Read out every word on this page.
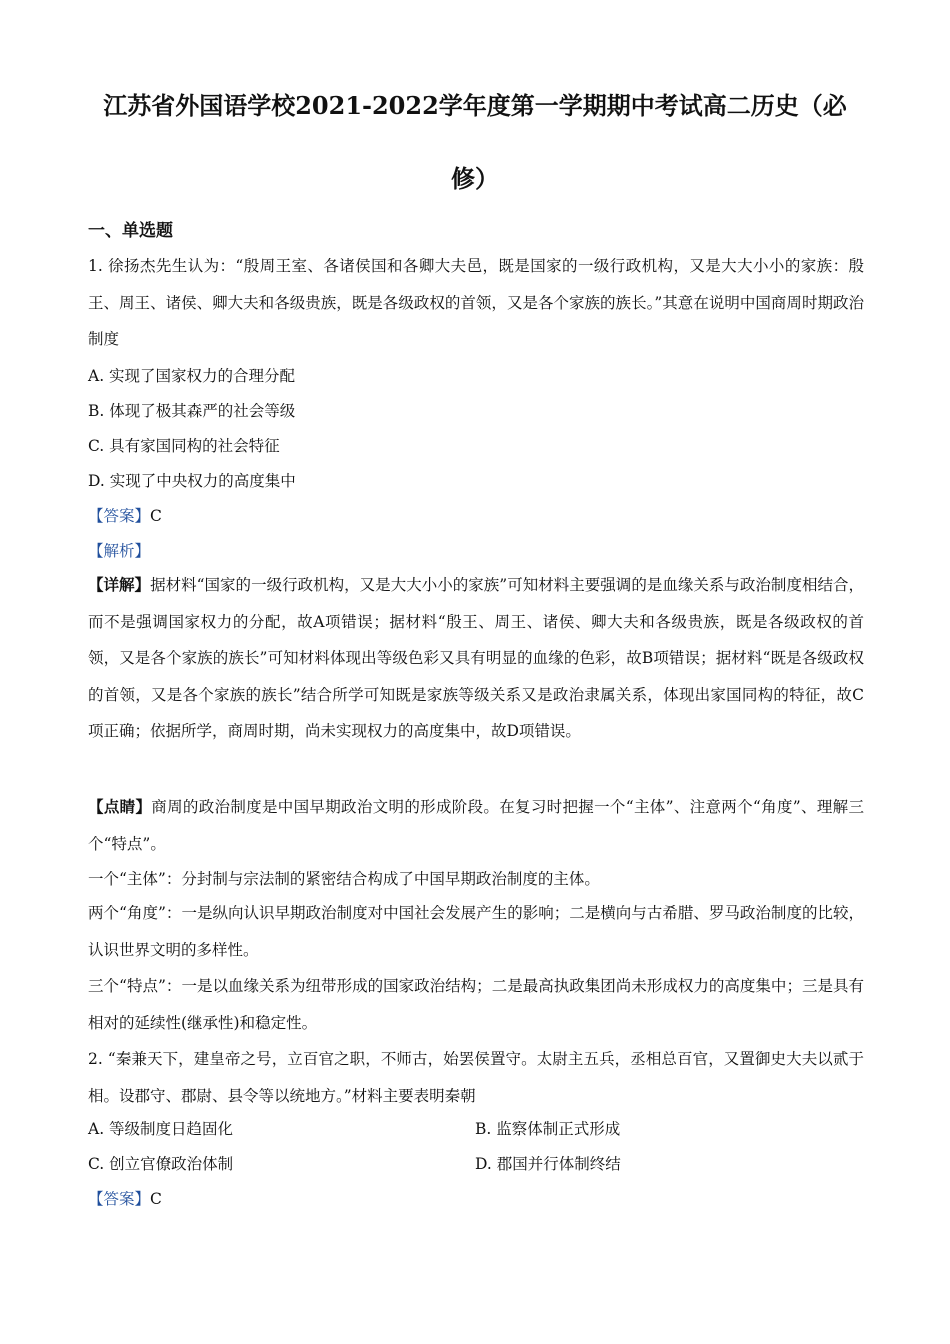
江苏省外国语学校2021-2022学年度第一学期期中考试高二历史（必
修）
一、单选题
1. 徐扬杰先生认为：“殷周王室、各诸侯国和各卿大夫邑，既是国家的一级行政机构，又是大大小小的家族：殷王、周王、诸侯、卿大夫和各级贵族，既是各级政权的首领，又是各个家族的族长。”其意在说明中国商周时期政治制度
A. 实现了国家权力的合理分配
B. 体现了极其森严的社会等级
C. 具有家国同构的社会特征
D. 实现了中央权力的高度集中
【答案】C
【解析】
【详解】据材料“国家的一级行政机构，又是大大小小的家族”可知材料主要强调的是血缘关系与政治制度相结合，而不是强调国家权力的分配，故A项错误；据材料“殷王、周王、诸侯、卿大夫和各级贵族，既是各级政权的首领，又是各个家族的族长”可知材料体现出等级色彩又具有明显的血缘的色彩，故B项错误；据材料“既是各级政权的首领，又是各个家族的族长”结合所学可知既是家族等级关系又是政治隶属关系，体现出家国同构的特征，故C项正确；依据所学，商周时期，尚未实现权力的高度集中，故D项错误。
【点睛】商周的政治制度是中国早期政治文明的形成阶段。在复习时把握一个“主体”、注意两个“角度”、理解三个“特点”。
一个“主体”：分封制与宗法制的紧密结合构成了中国早期政治制度的主体。
两个“角度”：一是纵向认识早期政治制度对中国社会发展产生的影响；二是横向与古希腊、罗马政治制度的比较，认识世界文明的多样性。
三个“特点”：一是以血缘关系为纽带形成的国家政治结构；二是最高执政集团尚未形成权力的高度集中；三是具有相对的延续性(继承性)和稳定性。
2. “秦兼天下，建皇帝之号，立百官之职，不师古，始罢侯置守。太尉主五兵，丞相总百官，又置御史大夫以贰于相。设郡守、郡尉、县令等以统地方。”材料主要表明秦朝
A. 等级制度日趋固化	B. 监察体制正式形成
C. 创立官僚政治体制	D. 郡国并行体制终结
【答案】C
